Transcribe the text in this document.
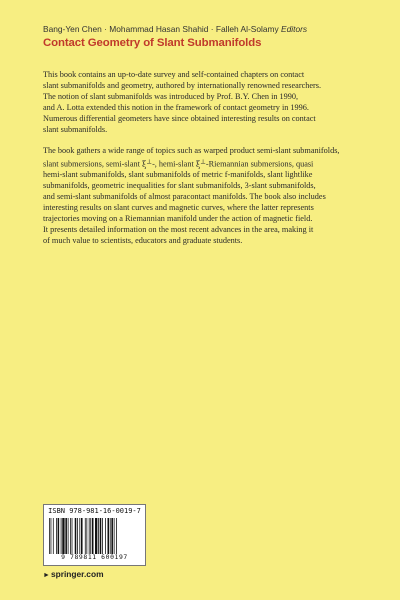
Bang-Yen Chen · Mohammad Hasan Shahid · Falleh Al-Solamy Editors
Contact Geometry of Slant Submanifolds

This book contains an up-to-date survey and self-contained chapters on contact
slant submanifolds and geometry, authored by internationally renowned researchers.
The notion of slant submanifolds was introduced by Prof. B.Y. Chen in 1990,
and A. Lotta extended this notion in the framework of contact geometry in 1996.
Numerous differential geometers have since obtained interesting results on contact
slant submanifolds.

The book gathers a wide range of topics such as warped product semi-slant submanifolds,
slant submersions, semi-slant ξ⊥-, hemi-slant ξ⊥-Riemannian submersions, quasi
hemi-slant submanifolds, slant submanifolds of metric f-manifolds, slant lightlike
submanifolds, geometric inequalities for slant submanifolds, 3-slant submanifolds,
and semi-slant submanifolds of almost paracontact manifolds. The book also includes
interesting results on slant curves and magnetic curves, where the latter represents
trajectories moving on a Riemannian manifold under the action of magnetic field.
It presents detailed information on the most recent advances in the area, making it
of much value to scientists, educators and graduate students.

ISBN 978-981-16-0019-7
9 789811 600197
►springer.com
